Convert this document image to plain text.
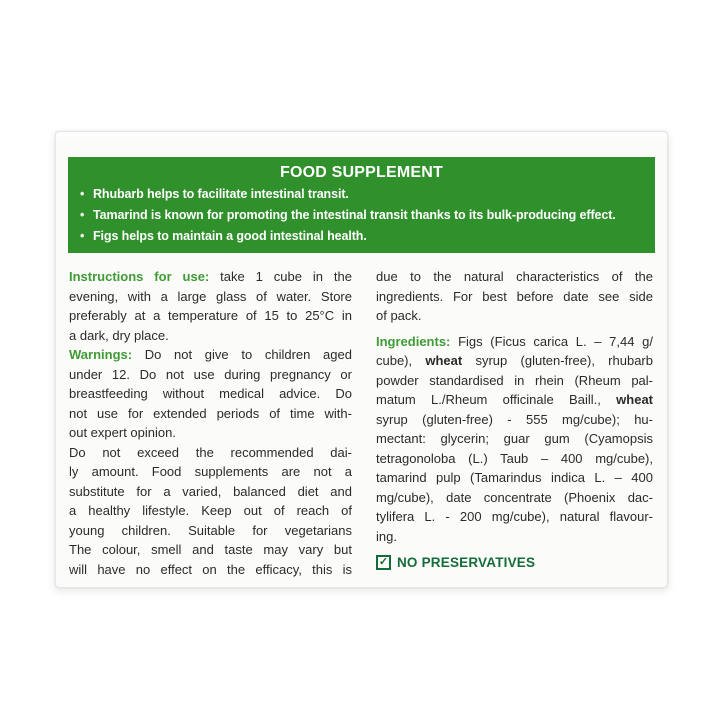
FOOD SUPPLEMENT
• Rhubarb helps to facilitate intestinal transit.
• Tamarind is known for promoting the intestinal transit thanks to its bulk-producing effect.
• Figs helps to maintain a good intestinal health.
Instructions for use: take 1 cube in the
evening, with a large glass of water. Store
preferably at a temperature of 15 to 25°C in
a dark, dry place.
Warnings: Do not give to children aged
under 12. Do not use during pregnancy or
breastfeeding without medical advice. Do
not use for extended periods of time with-
out expert opinion.
Do not exceed the recommended dai-
ly amount. Food supplements are not a
substitute for a varied, balanced diet and
a healthy lifestyle. Keep out of reach of
young children. Suitable for vegetarians
The colour, smell and taste may vary but
will have no effect on the efficacy, this is
due to the natural characteristics of the
ingredients. For best before date see side
of pack.
Ingredients: Figs (Ficus carica L. – 7,44 g/
cube), wheat syrup (gluten-free), rhubarb
powder standardised in rhein (Rheum pal-
matum L./Rheum officinale Baill., wheat
syrup (gluten-free) - 555 mg/cube); hu-
mectant: glycerin; guar gum (Cyamopsis
tetragonoloba (L.) Taub – 400 mg/cube),
tamarind pulp (Tamarindus indica L. – 400
mg/cube), date concentrate (Phoenix dac-
tylifera L. - 200 mg/cube), natural flavour-
ing.
✓ NO PRESERVATIVES
